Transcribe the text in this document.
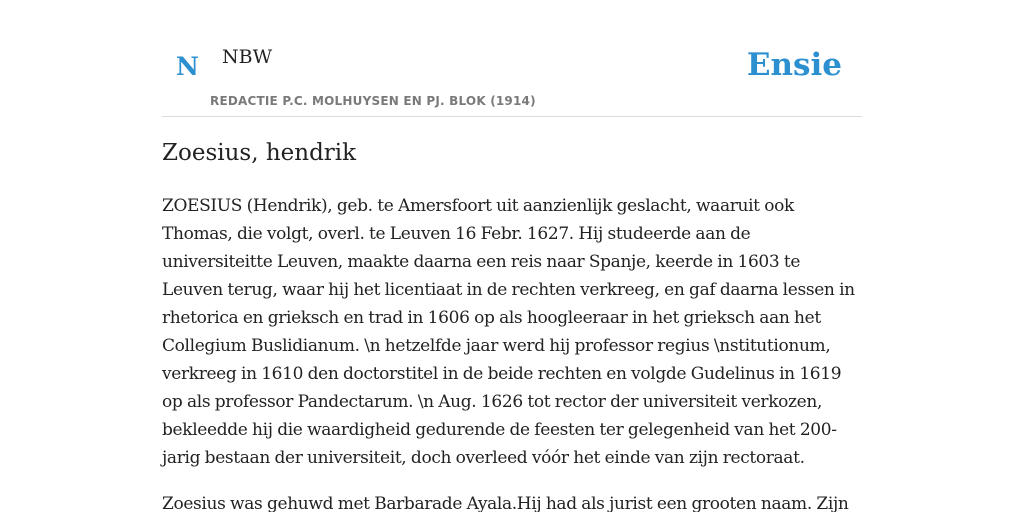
N NBW
REDACTIE P.C. MOLHUYSEN EN PJ. BLOK (1914)
Ensie
Zoesius, hendrik

ZOESIUS (Hendrik), geb. te Amersfoort uit aanzienlijk geslacht, waaruit ook Thomas, die volgt, overl. te Leuven 16 Febr. 1627. Hij studeerde aan de universiteitte Leuven, maakte daarna een reis naar Spanje, keerde in 1603 te Leuven terug, waar hij het licentiaat in de rechten verkreeg, en gaf daarna lessen in rhetorica en grieksch en trad in 1606 op als hoogleeraar in het grieksch aan het Collegium Buslidianum. \n hetzelfde jaar werd hij professor regius \nstitutionum, verkreeg in 1610 den doctorstitel in de beide rechten en volgde Gudelinus in 1619 op als professor Pandectarum. \n Aug. 1626 tot rector der universiteit verkozen, bekleedde hij die waardigheid gedurende de feesten ter gelegenheid van het 200-jarig bestaan der universiteit, doch overleed vóór het einde van zijn rectoraat.

Zoesius was gehuwd met Barbarade Ayala.Hij had als jurist een grooten naam. Zijn
